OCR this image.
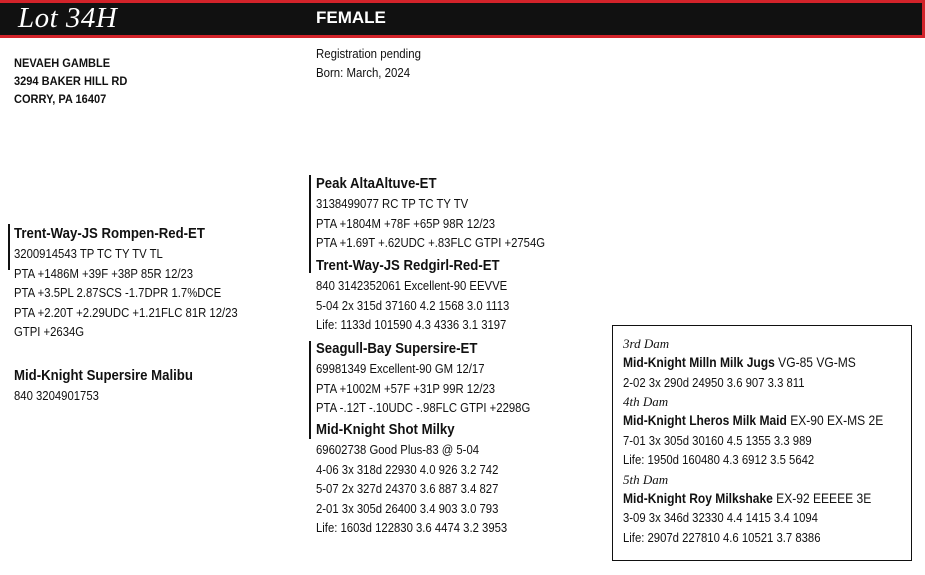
Lot 34H	FEMALE
NEVAEH GAMBLE
3294 BAKER HILL RD
CORRY, PA 16407
Registration pending
Born: March, 2024
Trent-Way-JS Rompen-Red-ET
3200914543 TP TC TY TV TL
PTA +1486M +39F +38P 85R 12/23
PTA +3.5PL 2.87SCS -1.7DPR 1.7%DCE
PTA +2.20T +2.29UDC +1.21FLC 81R 12/23
GTPI +2634G
Mid-Knight Supersire Malibu
840 3204901753
Peak AltaAltuve-ET
3138499077 RC TP TC TY TV
PTA +1804M +78F +65P 98R 12/23
PTA +1.69T +.62UDC +.83FLC GTPI +2754G
Trent-Way-JS Redgirl-Red-ET
840 3142352061 Excellent-90 EEVVE
5-04 2x 315d 37160 4.2 1568 3.0 1113
Life: 1133d 101590 4.3 4336 3.1 3197
Seagull-Bay Supersire-ET
69981349 Excellent-90 GM 12/17
PTA +1002M +57F +31P 99R 12/23
PTA -.12T -.10UDC -.98FLC GTPI +2298G
Mid-Knight Shot Milky
69602738 Good Plus-83 @ 5-04
4-06 3x 318d 22930 4.0 926 3.2 742
5-07 2x 327d 24370 3.6 887 3.4 827
2-01 3x 305d 26400 3.4 903 3.0 793
Life: 1603d 122830 3.6 4474 3.2 3953
3rd Dam
Mid-Knight Milln Milk Jugs VG-85 VG-MS
2-02 3x 290d 24950 3.6 907 3.3 811
4th Dam
Mid-Knight Lheros Milk Maid EX-90 EX-MS 2E
7-01 3x 305d 30160 4.5 1355 3.3 989
Life: 1950d 160480 4.3 6912 3.5 5642
5th Dam
Mid-Knight Roy Milkshake EX-92 EEEEE 3E
3-09 3x 346d 32330 4.4 1415 3.4 1094
Life: 2907d 227810 4.6 10521 3.7 8386
